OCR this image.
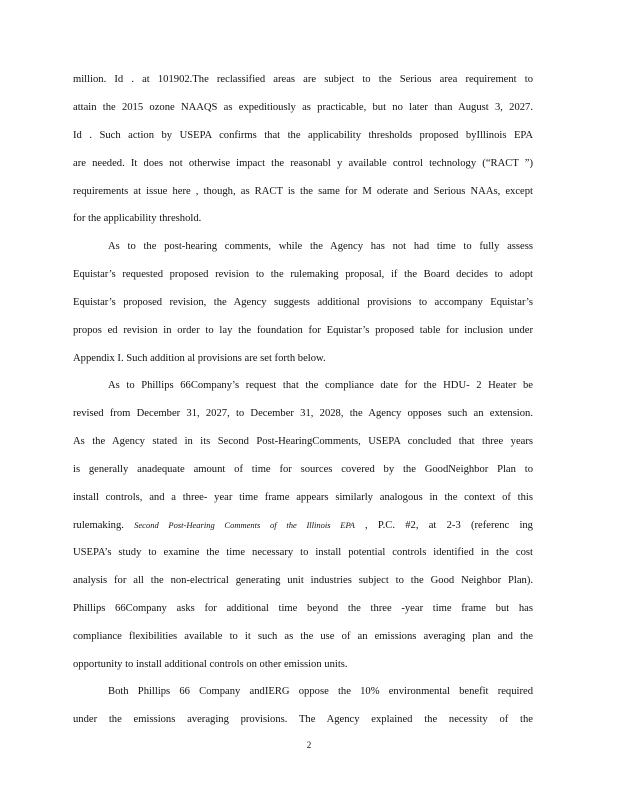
million. Id . at 101902.The reclassified areas are subject to the Serious area requirement to
attain the 2015 ozone NAAQS as expeditiously as practicable, but no later than August 3, 2027.
Id . Such action by USEPA confirms that the applicability thresholds proposed byIllinois EPA
are needed. It does not otherwise impact the reasonabl y available control technology (“RACT ”)
requirements at issue here , though, as RACT is the same for M oderate and Serious NAAs, except
for the applicability threshold.
As to the post-hearing comments, while the Agency has not had time to fully assess
Equistar’s requested proposed revision to the rulemaking proposal, if the Board decides to adopt
Equistar’s proposed revision, the Agency suggests additional provisions to accompany Equistar’s
propos ed revision in order to lay the foundation for Equistar’s proposed table for inclusion under
Appendix I. Such addition al provisions are set forth below.
As to Phillips 66Company’s request that the compliance date for the HDU- 2 Heater be
revised from December 31, 2027, to December 31, 2028, the Agency opposes such an extension.
As the Agency stated in its Second Post-HearingComments, USEPA concluded that three years
is generally anadequate amount of time for sources covered by the GoodNeighbor Plan to
install controls, and a three- year time frame appears similarly analogous in the context of this
rulemaking. Second Post-Hearing Comments of the Illinois EPA , P.C. #2, at 2-3 (referenc ing
USEPA’s study to examine the time necessary to install potential controls identified in the cost
analysis for all the non-electrical generating unit industries subject to the Good Neighbor Plan).
Phillips 66Company asks for additional time beyond the three -year time frame but has
compliance flexibilities available to it such as the use of an emissions averaging plan and the
opportunity to install additional controls on other emission units.
Both Phillips 66 Company andIERG oppose the 10% environmental benefit required
under the emissions averaging provisions. The Agency explained the necessity of the
2
